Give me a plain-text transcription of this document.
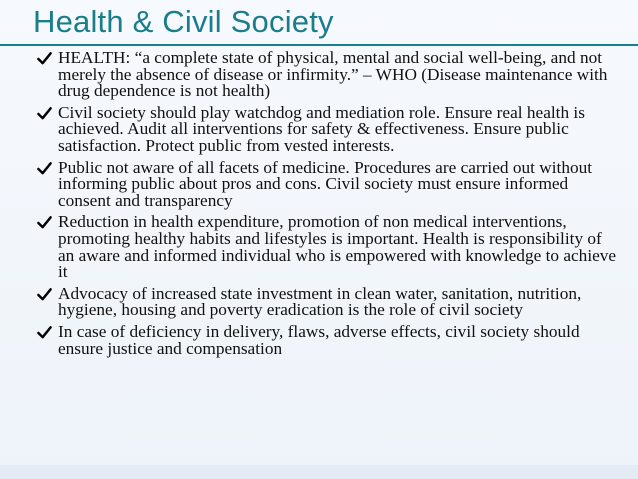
Health & Civil Society
HEALTH: “a complete state of physical, mental and social well-being, and not merely the absence of disease or infirmity.” – WHO (Disease maintenance with drug dependence is not health)
Civil society should play watchdog and mediation role. Ensure real health is achieved. Audit all interventions for safety & effectiveness. Ensure public satisfaction. Protect public from vested interests.
Public not aware of all facets of medicine. Procedures are carried out without informing public about pros and cons. Civil society must ensure informed consent and transparency
Reduction in health expenditure, promotion of non medical interventions, promoting healthy habits and lifestyles is important. Health is responsibility of an aware and informed individual who is empowered with knowledge to achieve it
Advocacy of increased state investment in clean water, sanitation, nutrition, hygiene, housing and poverty eradication is the role of civil society
In case of deficiency in delivery, flaws, adverse effects, civil society should ensure justice and compensation
